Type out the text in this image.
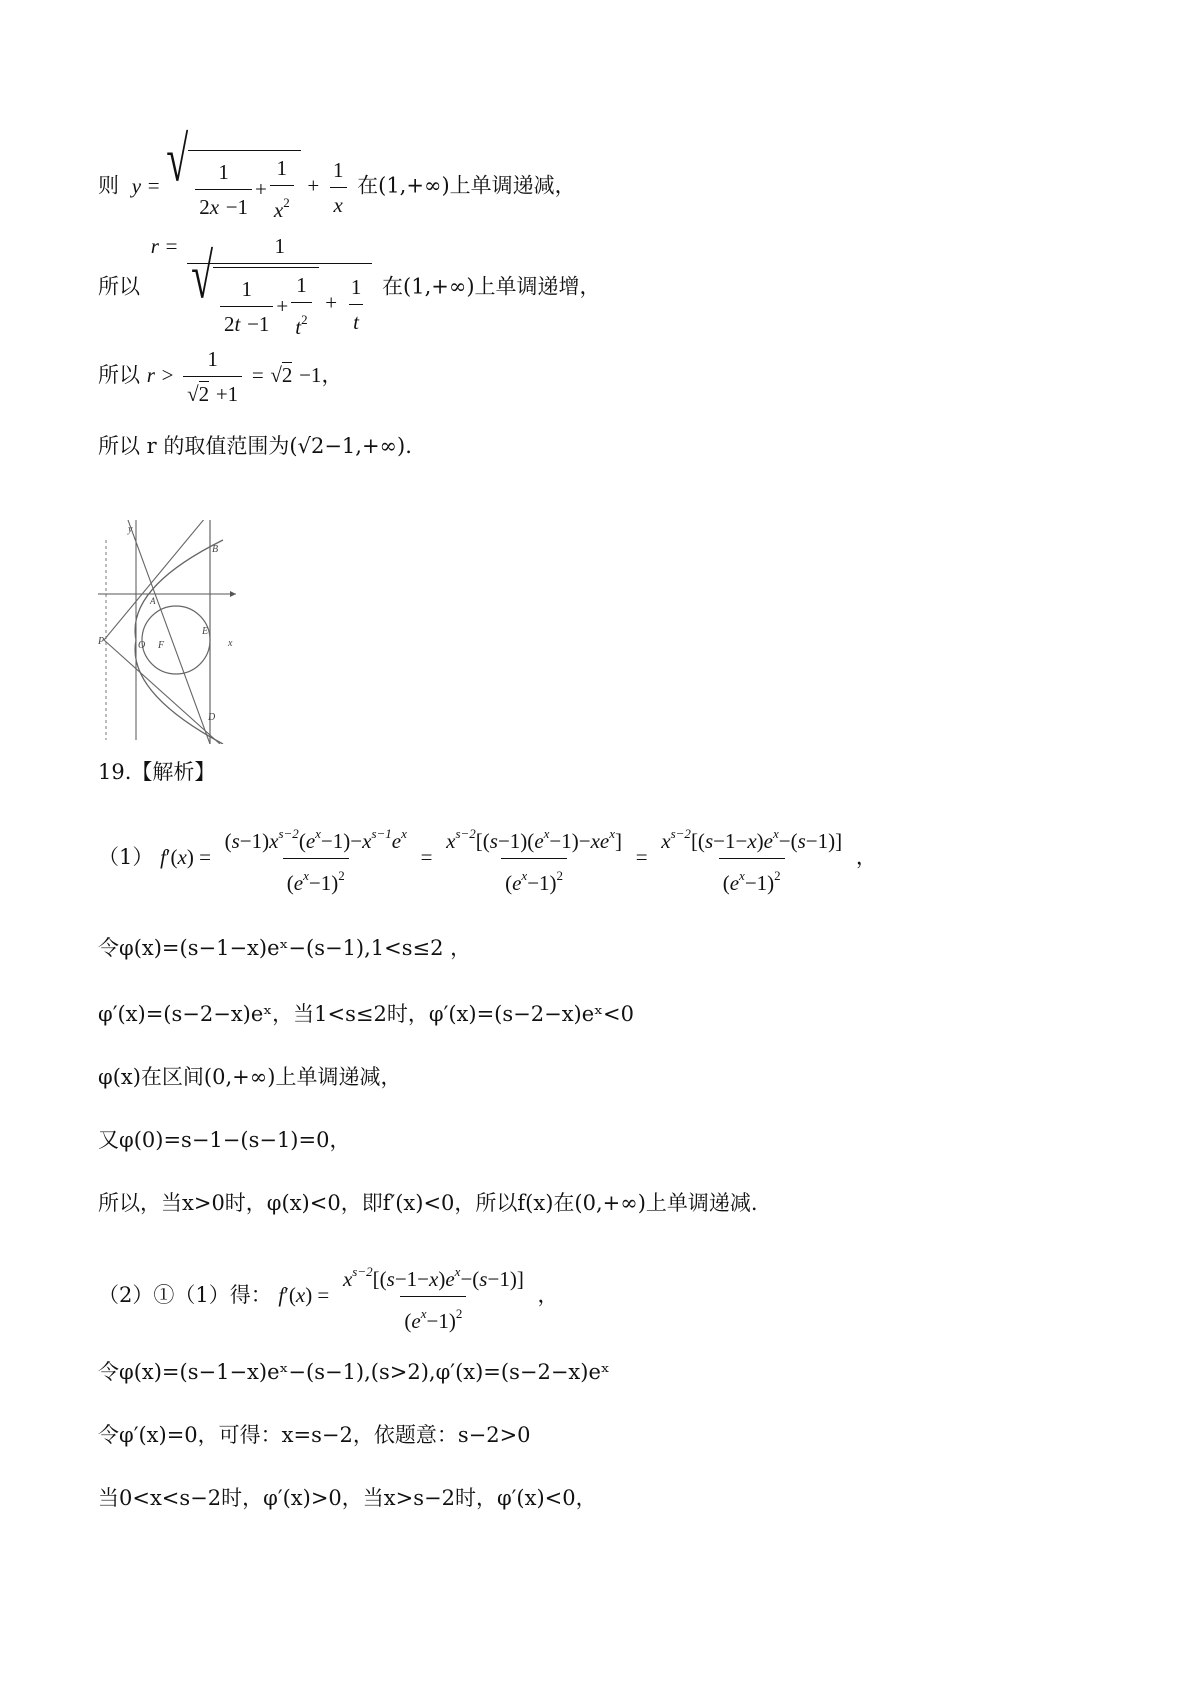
则 y = √ $\frac{1}{2x -1} + \frac{1}{x^2} + \frac{1}{x}$ 在(1,+∞)上单调递减，
所以 r =	1
√ $\frac{1}{2t -1} + \frac{1}{t^2} + \frac{1}{t}$ 在(1,+∞)上单调递增，
所以 $r > \frac{1}{√2 +1} = √2 -1$，
所以 r 的取值范围为(√2−1,+∞).
y
B
A
E
P	O F	x
D
19.【解析】
（1） $f'(x) = \frac{(s-1)x^{s-2}(e^x-1)-x^{s-1}e^x}{(e^x-1)^2} = \frac{x^{s-2}[(s-1)(e^x-1)-xe^x]}{(e^x-1)^2} = \frac{x^{s-2}[(s-1-x)e^x-(s-1)]}{(e^x-1)^2}$ ，
令φ(x)=(s−1−x)eˣ−(s−1),1<s≤2 ，
φ′(x)=(s−2−x)eˣ，当1<s≤2时，φ′(x)=(s−2−x)eˣ<0
φ(x)在区间(0,+∞)上单调递减，
又φ(0)=s−1−(s−1)=0，
所以，当x>0时，φ(x)<0，即f′(x)<0，所以f(x)在(0,+∞)上单调递减.
（2）①（1）得： $f'(x) = \frac{x^{s-2}[(s-1-x)e^x-(s-1)]}{(e^x-1)^2}$ ，
令φ(x)=(s−1−x)eˣ−(s−1),(s>2),φ′(x)=(s−2−x)eˣ
令φ′(x)=0，可得：x=s−2，依题意：s−2>0
当0<x<s−2时，φ′(x)>0，当x>s−2时，φ′(x)<0，
